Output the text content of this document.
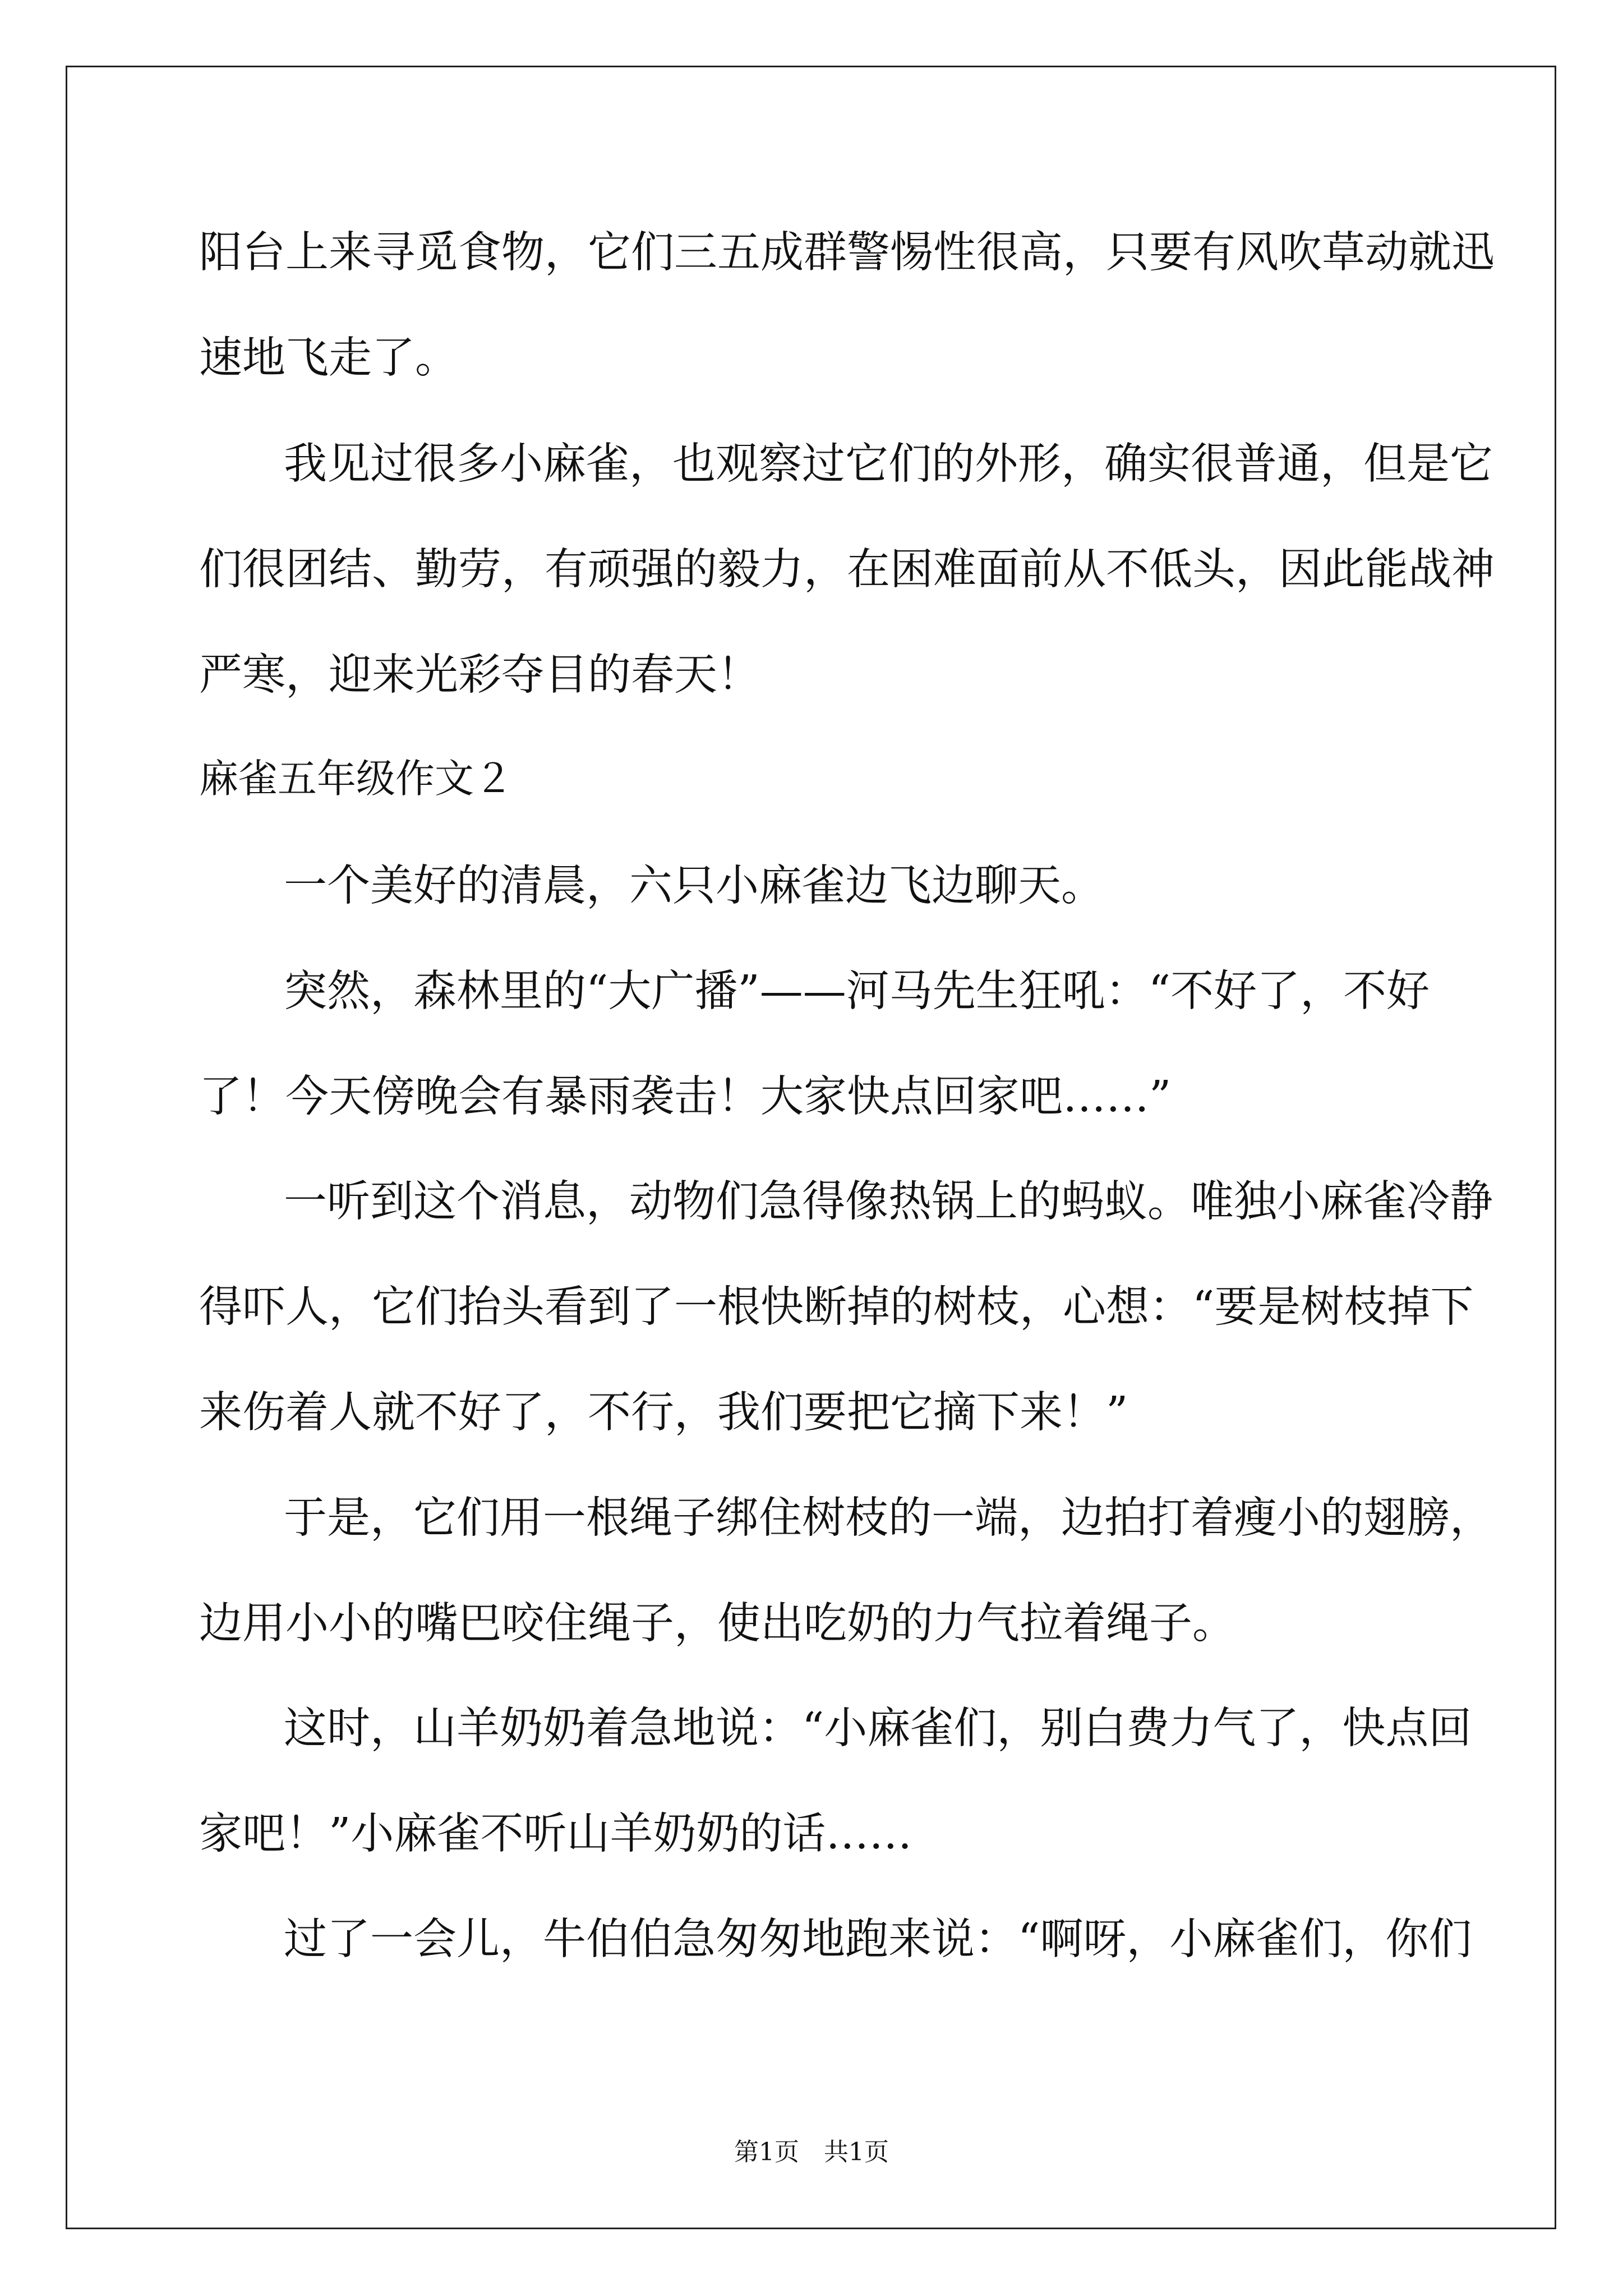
阳台上来寻觅食物，它们三五成群警惕性很高，只要有风吹草动就迅
速地飞走了。
我见过很多小麻雀，也观察过它们的外形，确实很普通，但是它
们很团结、勤劳，有顽强的毅力，在困难面前从不低头，因此能战神
严寒，迎来光彩夺目的春天！
麻雀五年级作文２
一个美好的清晨，六只小麻雀边飞边聊天。
突然，森林里的“大广播”——河马先生狂吼：“不好了，不好
了！今天傍晚会有暴雨袭击！大家快点回家吧……”
一听到这个消息，动物们急得像热锅上的蚂蚁。唯独小麻雀冷静
得吓人，它们抬头看到了一根快断掉的树枝，心想：“要是树枝掉下
来伤着人就不好了，不行，我们要把它摘下来！”
于是，它们用一根绳子绑住树枝的一端，边拍打着瘦小的翅膀，
边用小小的嘴巴咬住绳子，使出吃奶的力气拉着绳子。
这时，山羊奶奶着急地说：“小麻雀们，别白费力气了，快点回
家吧！”小麻雀不听山羊奶奶的话……
过了一会儿，牛伯伯急匆匆地跑来说：“啊呀，小麻雀们，你们
第1页　共1页
